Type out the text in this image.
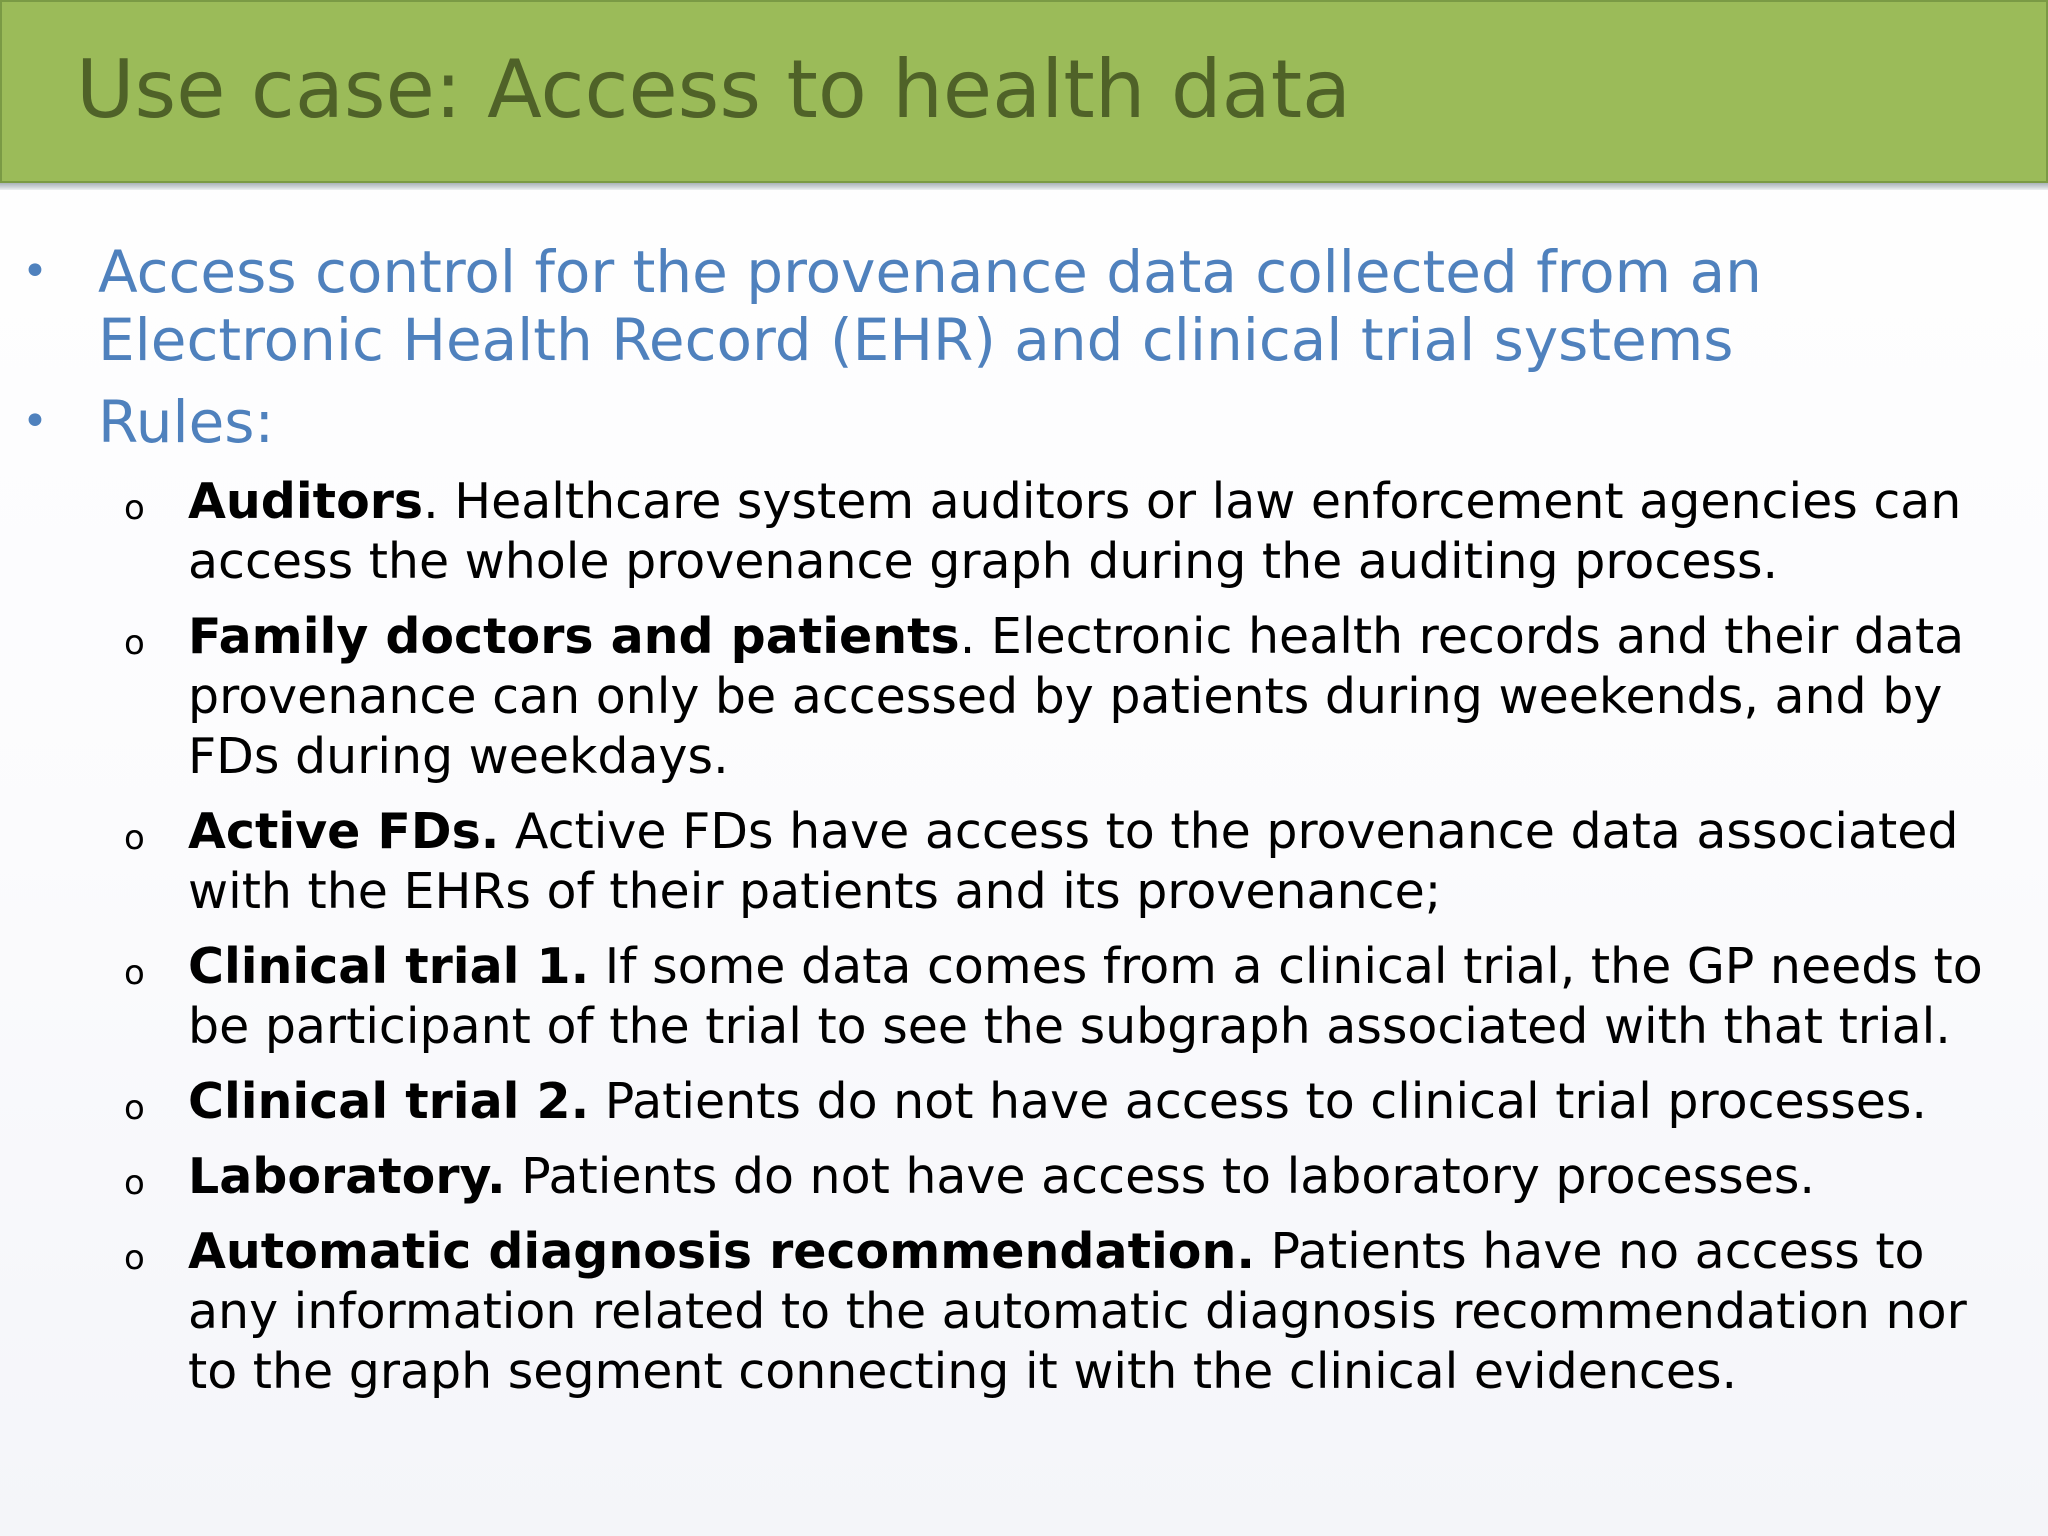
Use case: Access to health data
• Access control for the provenance data collected from an Electronic Health Record (EHR) and clinical trial systems
• Rules:
o Auditors. Healthcare system auditors or law enforcement agencies can access the whole provenance graph during the auditing process.
o Family doctors and patients. Electronic health records and their data provenance can only be accessed by patients during weekends, and by FDs during weekdays.
o Active FDs. Active FDs have access to the provenance data associated with the EHRs of their patients and its provenance;
o Clinical trial 1. If some data comes from a clinical trial, the GP needs to be participant of the trial to see the subgraph associated with that trial.
o Clinical trial 2. Patients do not have access to clinical trial processes.
o Laboratory. Patients do not have access to laboratory processes.
o Automatic diagnosis recommendation. Patients have no access to any information related to the automatic diagnosis recommendation nor to the graph segment connecting it with the clinical evidences.
